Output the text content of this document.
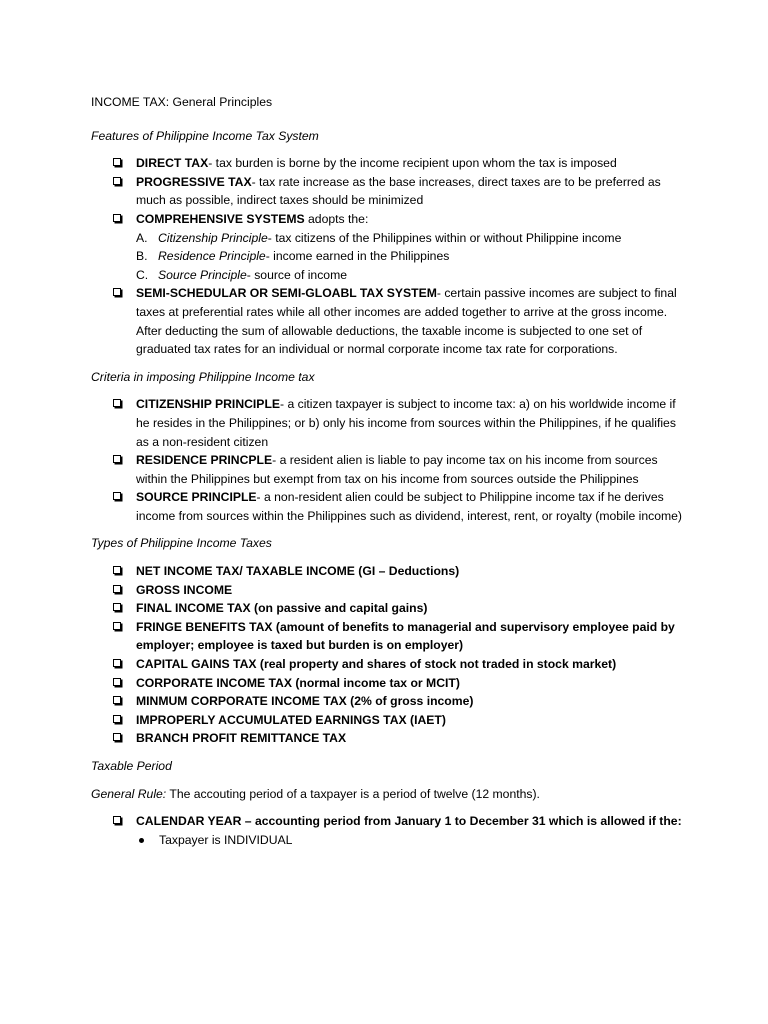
INCOME TAX: General Principles

Features of Philippine Income Tax System

DIRECT TAX- tax burden is borne by the income recipient upon whom the tax is imposed
PROGRESSIVE TAX- tax rate increase as the base increases, direct taxes are to be preferred as much as possible, indirect taxes should be minimized
COMPREHENSIVE SYSTEMS adopts the:
A. Citizenship Principle- tax citizens of the Philippines within or without Philippine income
B. Residence Principle- income earned in the Philippines
C. Source Principle- source of income
SEMI-SCHEDULAR OR SEMI-GLOABL TAX SYSTEM- certain passive incomes are subject to final taxes at preferential rates while all other incomes are added together to arrive at the gross income. After deducting the sum of allowable deductions, the taxable income is subjected to one set of graduated tax rates for an individual or normal corporate income tax rate for corporations.

Criteria in imposing Philippine Income tax

CITIZENSHIP PRINCIPLE- a citizen taxpayer is subject to income tax: a) on his worldwide income if he resides in the Philippines; or b) only his income from sources within the Philippines, if he qualifies as a non-resident citizen
RESIDENCE PRINCPLE- a resident alien is liable to pay income tax on his income from sources within the Philippines but exempt from tax on his income from sources outside the Philippines
SOURCE PRINCIPLE- a non-resident alien could be subject to Philippine income tax if he derives income from sources within the Philippines such as dividend, interest, rent, or royalty (mobile income)

Types of Philippine Income Taxes

NET INCOME TAX/ TAXABLE INCOME (GI – Deductions)
GROSS INCOME
FINAL INCOME TAX (on passive and capital gains)
FRINGE BENEFITS TAX (amount of benefits to managerial and supervisory employee paid by employer; employee is taxed but burden is on employer)
CAPITAL GAINS TAX (real property and shares of stock not traded in stock market)
CORPORATE INCOME TAX (normal income tax or MCIT)
MINMUM CORPORATE INCOME TAX (2% of gross income)
IMPROPERLY ACCUMULATED EARNINGS TAX (IAET)
BRANCH PROFIT REMITTANCE TAX

Taxable Period

General Rule: The accouting period of a taxpayer is a period of twelve (12 months).

CALENDAR YEAR – accounting period from January 1 to December 31 which is allowed if the:
Taxpayer is INDIVIDUAL
